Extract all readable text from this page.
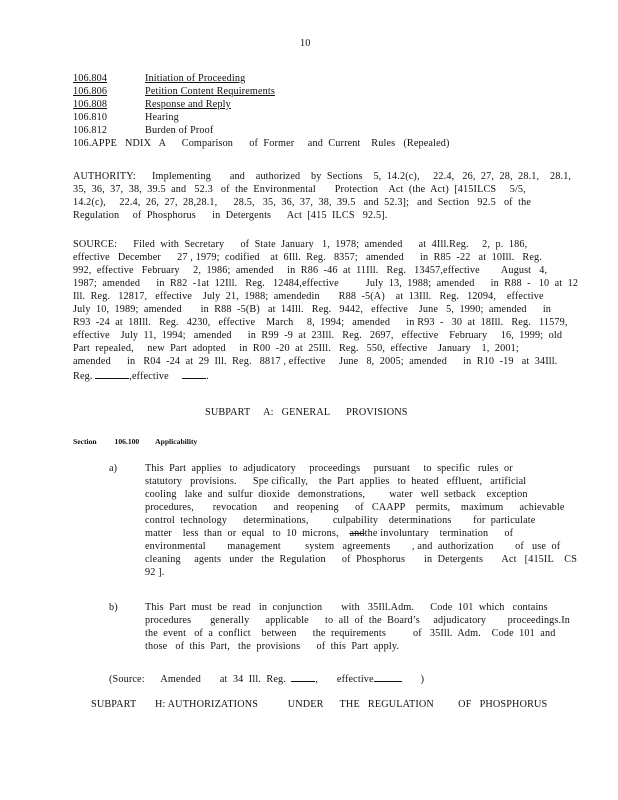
10
106.804	Initiation of Proceeding
106.806	Petition Content Requirements
106.808	Response and Reply
106.810	Hearing
106.812	Burden of Proof
106.APPE   NDIX   A      Comparison      of  Former     and  Current    Rules   (Repealed)
AUTHORITY:      Implementing       and    authorized    by  Sections    5,  14.2(c),     22.4,   26,  27,  28,  28.1,    28.1,
35,  36,  37,  38,  39.5  and   52.3   of  the  Environmental       Protection    Act  (the  Act)  [415ILCS     5/5,
14.2(c),     22.4,  26,  27,  28,28.1,      28.5,   35,  36,  37,  38,  39.5   and  52.3];   and  Section   92.5   of  the
Regulation     of  Phosphorus      in  Detergents      Act  [415  ILCS   92.5].
SOURCE:      Filed  with  Secretary      of  State  January   1,  1978;  amended      at  4Ill.Reg.     2,  p.  186,
effective   December      27 , 1979;  codified    at  6Ill.  Reg.   8357;   amended      in  R85  -22   at  10Ill.   Reg.
992,  effective   February     2,  1986;  amended     in  R86  -46  at  11Ill.   Reg.   13457,effective        August   4,
1987;  amended      in  R82  -1at  12Ill.   Reg.   12484,effective          July  13,  1988;  amended      in  R88  -   10  at  12
Ill.  Reg.   12817,   effective    July  21,  1988;  amendedin       R88  -5(A)    at  13Ill.   Reg.   12094,    effective
July  10,  1989;  amended       in  R88  -5(B)   at  14Ill.   Reg.   9442,   effective    June   5,  1990;  amended      in
R93  -24  at  18Ill.   Reg.   4230,   effective    March     8,  1994;   amended      in R93  -   30  at  18Ill.   Reg.   11579,
effective    July  11,  1994;   amended      in  R99  -9  at  23Ill.   Reg.   2697,   effective    February     16,  1999;  old
Part  repealed,     new  Part  adopted     in  R00  -20  at  25Ill.   Reg.   550,  effective    January    1,  2001;
amended      in   R04  -24  at  29  Ill.  Reg.   8817 , effective     June   8,  2005;  amended      in  R10  -19   at  34Ill.
Reg.	,effective	.
SUBPART     A:   GENERAL      PROVISIONS
Section 106.100 Applicability
a)	This  Part  applies   to  adjudicatory     proceedings     pursuant     to  specific   rules  or
statutory   provisions.      Spe cifically,    the  Part  applies   to  heated   effluent,   artificial
cooling   lake  and  sulfur  dioxide   demonstrations,         water   well  setback    exception
procedures,       revocation      and   reopening      of   CAAPP    permits,    maximum      achievable
control  technology      determinations,         culpability    determinations        for  particulate
matter    less  than  or  equal   to  10  microns, andthe involuntary    termination      of
environmental        management         system   agreements        , and  authorization        of   use  of
cleaning     agents   under   the  Regulation      of  Phosphorus       in  Detergents       Act   [415IL    CS
92 ].
b)	This  Part  must  be  read   in  conjunction       with   35Ill.Adm.      Code  101  which   contains
procedures       generally      applicable      to  all  of  the  Board’s     adjudicatory        proceedings.In
the  event   of  a  conflict    between      the  requirements          of   35Ill.  Adm.    Code  101  and
those   of  this  Part,   the  provisions      of  this  Part  apply.
(Source:      Amended       at  34  Ill.  Reg.	,       effective	)
SUBPART       H: AUTHORIZATIONS           UNDER      THE   REGULATION         OF   PHOSPHORUS
